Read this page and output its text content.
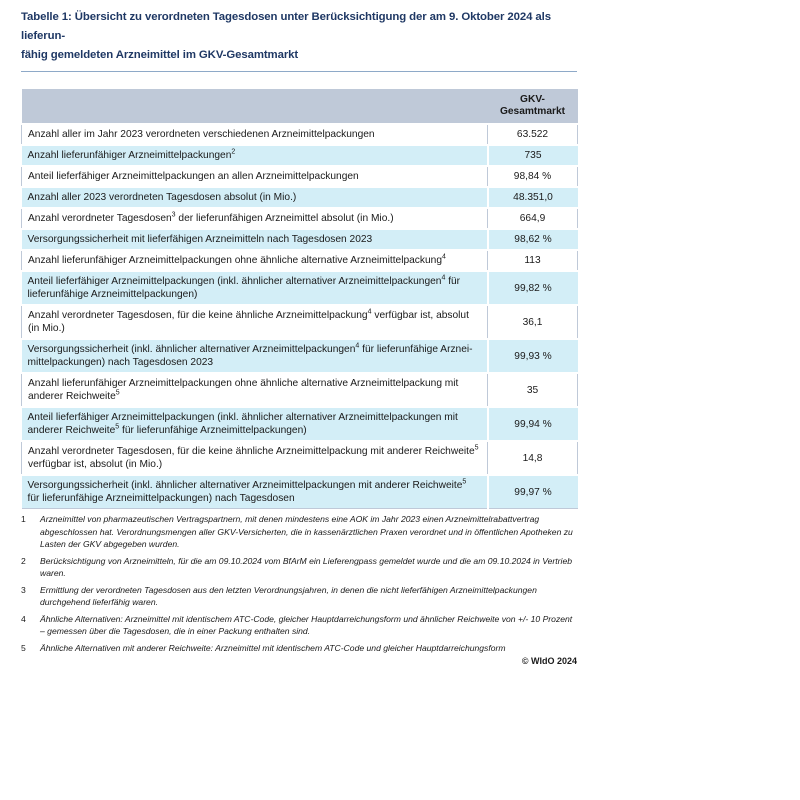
Tabelle 1: Übersicht zu verordneten Tagesdosen unter Berücksichtigung der am 9. Oktober 2024 als lieferun-
fähig gemeldeten Arzneimittel im GKV-Gesamtmarkt
	GKV-
Gesamtmarkt
Anzahl aller im Jahr 2023 verordneten verschiedenen Arzneimittelpackungen	63.522
Anzahl lieferunfähiger Arzneimittelpackungen$^2$	735
Anteil lieferfähiger Arzneimittelpackungen an allen Arzneimittelpackungen	98,84 %
Anzahl aller 2023 verordneten Tagesdosen absolut (in Mio.)	48.351,0
Anzahl verordneter Tagesdosen$^3$ der lieferunfähigen Arzneimittel absolut (in Mio.)	664,9
Versorgungssicherheit mit lieferfähigen Arzneimitteln nach Tagesdosen 2023	98,62 %
Anzahl lieferunfähiger Arzneimittelpackungen ohne ähnliche alternative Arzneimittelpackung$^4$	113
Anteil lieferfähiger Arzneimittelpackungen (inkl. ähnlicher alternativer Arzneimittelpackungen$^4$ für
lieferunfähige Arzneimittelpackungen)	99,82 %
Anzahl verordneter Tagesdosen, für die keine ähnliche Arzneimittelpackung$^4$ verfügbar ist, absolut
(in Mio.)	36,1
Versorgungssicherheit (inkl. ähnlicher alternativer Arzneimittelpackungen$^4$ für lieferunfähige Arznei-
mittelpackungen) nach Tagesdosen 2023	99,93 %
Anzahl lieferunfähiger Arzneimittelpackungen ohne ähnliche alternative Arzneimittelpackung mit
anderer Reichweite$^5$	35
Anteil lieferfähiger Arzneimittelpackungen (inkl. ähnlicher alternativer Arzneimittelpackungen mit
anderer Reichweite$^5$ für lieferunfähige Arzneimittelpackungen)	99,94 %
Anzahl verordneter Tagesdosen, für die keine ähnliche Arzneimittelpackung mit anderer Reichweite$^5$
verfügbar ist, absolut (in Mio.)	14,8
Versorgungssicherheit (inkl. ähnlicher alternativer Arzneimittelpackungen mit anderer Reichweite$^5$
für lieferunfähige Arzneimittelpackungen) nach Tagesdosen	99,97 %
1	Arzneimittel von pharmazeutischen Vertragspartnern, mit denen mindestens eine AOK im Jahr 2023 einen Arzneimittelrabattvertrag abgeschlossen hat. Verordnungsmengen aller GKV-Versicherten, die in kassenärztlichen Praxen verordnet und in öffentlichen Apotheken zu Lasten der GKV abgegeben wurden.
2	Berücksichtigung von Arzneimitteln, für die am 09.10.2024 vom BfArM ein Lieferengpass gemeldet wurde und die am 09.10.2024 in Vertrieb waren.
3	Ermittlung der verordneten Tagesdosen aus den letzten Verordnungsjahren, in denen die nicht lieferfähigen Arzneimittelpackungen durchgehend lieferfähig waren.
4	Ähnliche Alternativen: Arzneimittel mit identischem ATC-Code, gleicher Hauptdarreichungsform und ähnlicher Reichweite von +/- 10 Prozent – gemessen über die Tagesdosen, die in einer Packung enthalten sind.
5	Ähnliche Alternativen mit anderer Reichweite: Arzneimittel mit identischem ATC-Code und gleicher Hauptdarreichungsform
© WIdO 2024
